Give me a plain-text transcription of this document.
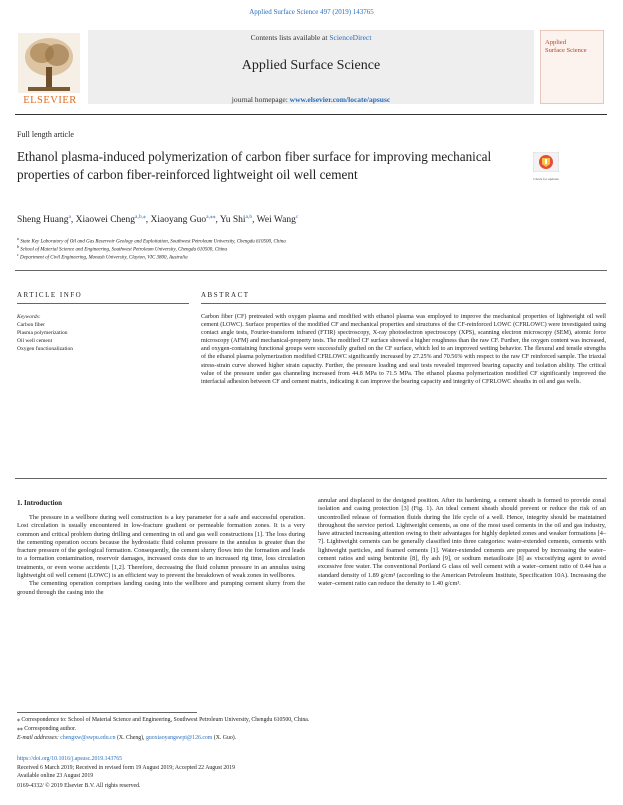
Applied Surface Science 497 (2019) 143765
ELSEVIER
Contents lists available at ScienceDirect
Applied Surface Science
journal homepage: www.elsevier.com/locate/apsusc
Applied
Surface Science
Full length article
Ethanol plasma-induced polymerization of carbon fiber surface for improving mechanical properties of carbon fiber-reinforced lightweight oil well cement	Check for updates
Sheng Huang$^a$, Xiaowei Cheng$^{a,b,⁎}$, Xiaoyang Guo$^{a,⁎⁎}$, Yu Shi$^{a,b}$, Wei Wang$^c$
$^a$ State Key Laboratory of Oil and Gas Reservoir Geology and Exploitation, Southwest Petroleum University, Chengdu 610500, China
$^b$ School of Material Science and Engineering, Southwest Petroleum University, Chengdu 610500, China
$^c$ Department of Civil Engineering, Monash University, Clayton, VIC 3800, Australia
ARTICLE INFO	ABSTRACT
Keywords:
Carbon fiber
Plasma polymerization
Oil well cement
Oxygen functionalization
Carbon fiber (CF) pretreated with oxygen plasma and modified with ethanol plasma was employed to improve the mechanical properties of lightweight oil well cement (LOWC). Surface properties of the modified CF and mechanical properties and structures of the CF-reinforced LOWC (CFRLOWC) were investigated using contact angle tests, Fourier-transform infrared (FTIR) spectroscopy, X-ray photoelectron spectroscopy (XPS), scanning electron microscopy (SEM), atomic force microscopy (AFM) and mechanical-property tests. The modified CF surface showed a higher roughness than the raw CF. Further, the oxygen content was increased, and oxygen-containing functional groups were successfully grafted on the CF surface, which led to an improved wetting behavior. The flexural and tensile strengths of the ethanol plasma polymerization modified CFRLOWC significantly increased by 27.25% and 70.56% with respect to the raw CF reinforced sample. The triaxial stress-strain curve showed higher strain capacity. Further, the pressure loading and seal tests revealed improved bearing capacity and isolation ability. The critical value of the pressure under gas channeling increased from 44.8 MPa to 71.5 MPa. The ethanol plasma polymerization modified CF significantly improved the interfacial adhesion between CF and cement matrix, indicating it can improve the bearing capacity and integrity of CFRLOWC sheaths in oil and gas wells.
1. Introduction

The pressure in a wellbore during well construction is a key parameter for a safe and successful operation. Lost circulation is usually encountered in low-fracture gradient or permeable formation zones. It is a very common and critical problem during drilling and cementing in oil and gas well constructions [1]. The loss during the cementing operation occurs because the hydrostatic fluid column pressure in the annulus is greater than the fracture pressure of the geological formation. Consequently, the cement slurry flows into the formation and leads to a formation contamination, reservoir damages, increased costs due to an increased rig time, loss circulation treatments, or even worse accidents [1,2]. Therefore, decreasing the fluid column pressure in an annulus using lightweight oil well cement (LOWC) is an efficient way to prevent the breakdown of weak zones in wellbores.

The cementing operation comprises landing casing into the wellbore and pumping cement slurry from the ground through the casing into the

annular and displaced to the designed position. After its hardening, a cement sheath is formed to provide zonal isolation and casing protection [3] (Fig. 1). An ideal cement sheath should prevent or reduce the risk of an uncontrolled release of formation fluids during the life cycle of a well. Hence, integrity should be maintained throughout the service period. Lightweight cements, as one of the most used cements in the oil and gas industry, have attracted increasing attention owing to their advantages for highly depleted zones and weaker formations [4–7]. Lightweight cements can be generally classified into three categories: water-extended cements, cements with lightweight particles, and foamed cements [1]. Water-extended cements are prepared by increasing the water–cement ratios and using bentonite [8], fly ash [9], or sodium metasilicate [8] as viscosifying agent to avoid excessive free water. The conventional Portland G class oil well cement with a water–cement ratio of 0.44 has a standard density of 1.89 g/cm³ (according to the American Petroleum Institute, Specification 10A). Increasing the water–cement ratio can reduce the density to 1.40 g/cm³.

⁎ Correspondence to: School of Material Science and Engineering, Southwest Petroleum University, Chengdu 610500, China.
⁎⁎ Corresponding author.
E-mail addresses: chengxw@swpu.edu.cn (X. Cheng), guoxiaoyangswpi@126.com (X. Guo).
https://doi.org/10.1016/j.apsusc.2019.143765
Received 6 March 2019; Received in revised form 19 August 2019; Accepted 22 August 2019
Available online 23 August 2019
0169-4332/ © 2019 Elsevier B.V. All rights reserved.
